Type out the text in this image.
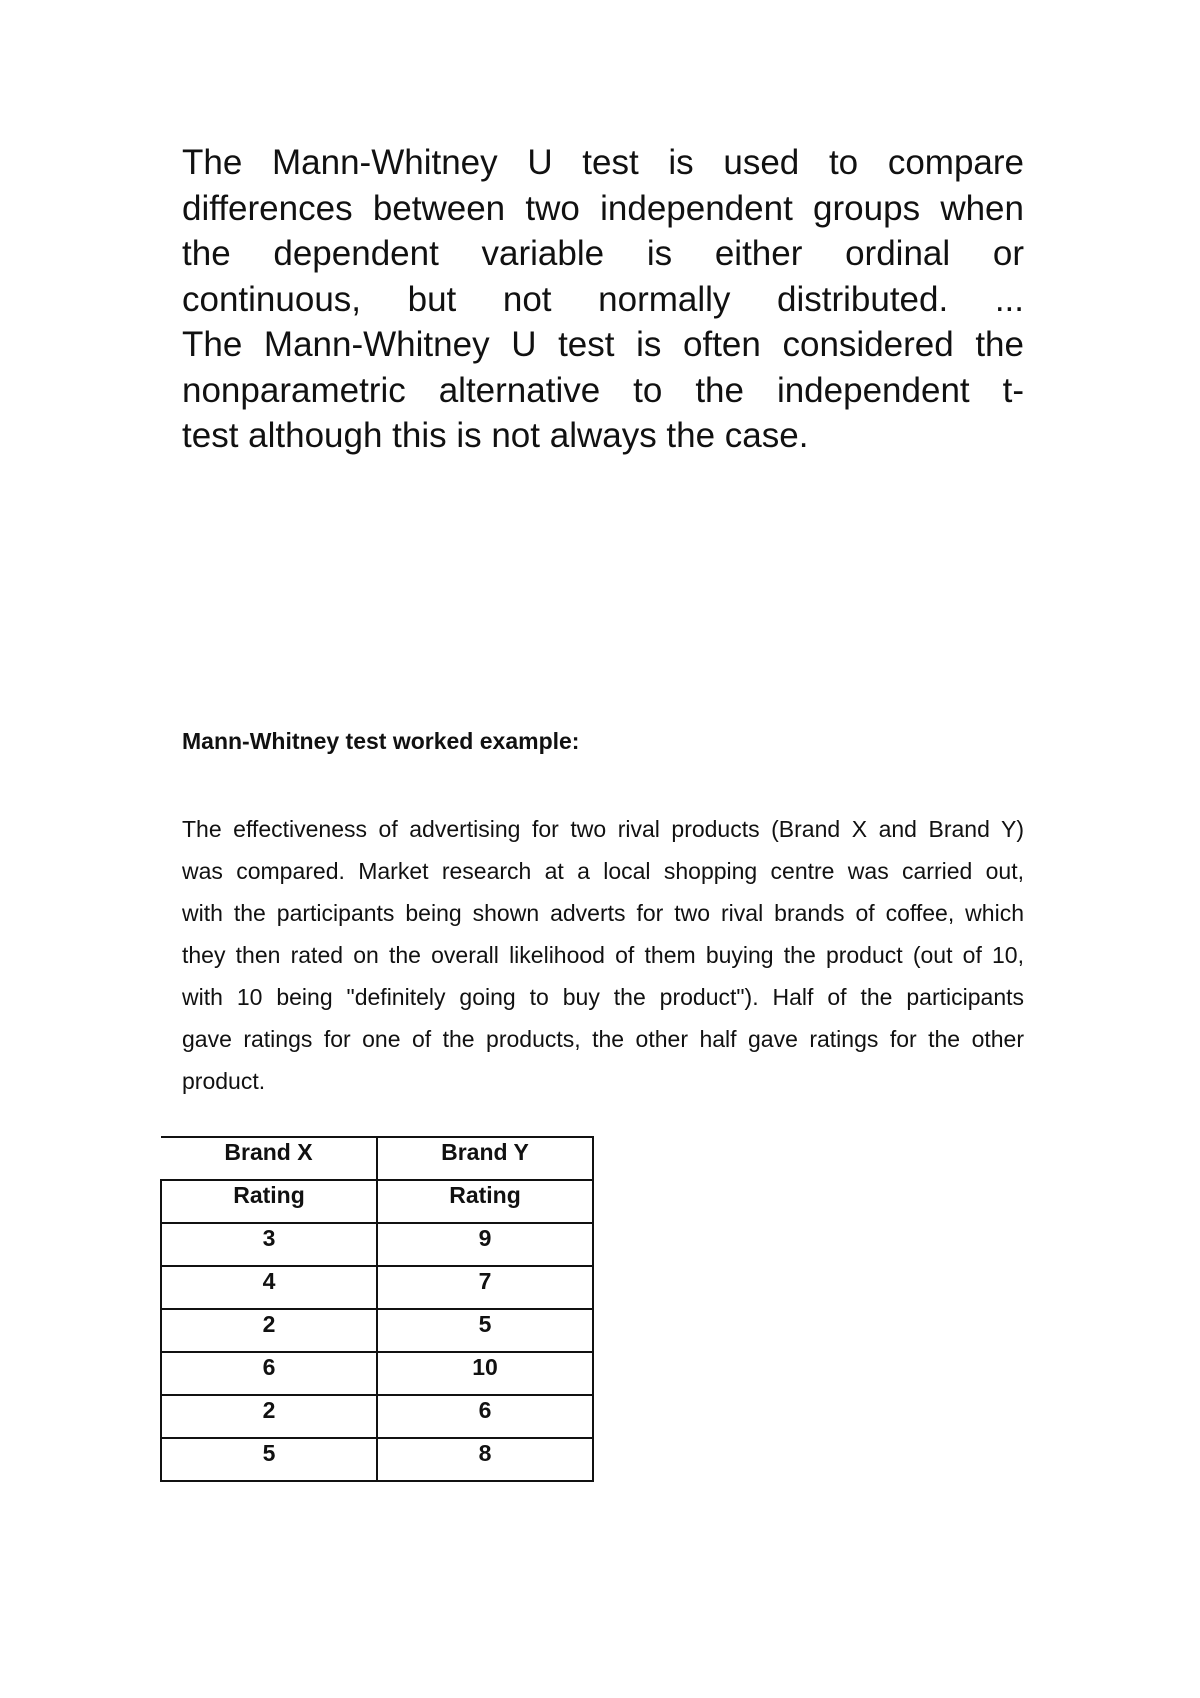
The Mann-Whitney U test is used to compare
differences between two independent groups when
the dependent variable is either ordinal or
continuous, but not normally distributed. ...
The Mann-Whitney U test is often considered the
nonparametric alternative to the independent t-
test although this is not always the case.

Mann-Whitney test worked example:

The effectiveness of advertising for two rival products (Brand X and Brand Y)
was compared. Market research at a local shopping centre was carried out,
with the participants being shown adverts for two rival brands of coffee, which
they then rated on the overall likelihood of them buying the product (out of 10,
with 10 being "definitely going to buy the product"). Half of the participants
gave ratings for one of the products, the other half gave ratings for the other
product.

Brand X	Brand Y
Rating	Rating
3	9
4	7
2	5
6	10
2	6
5	8
